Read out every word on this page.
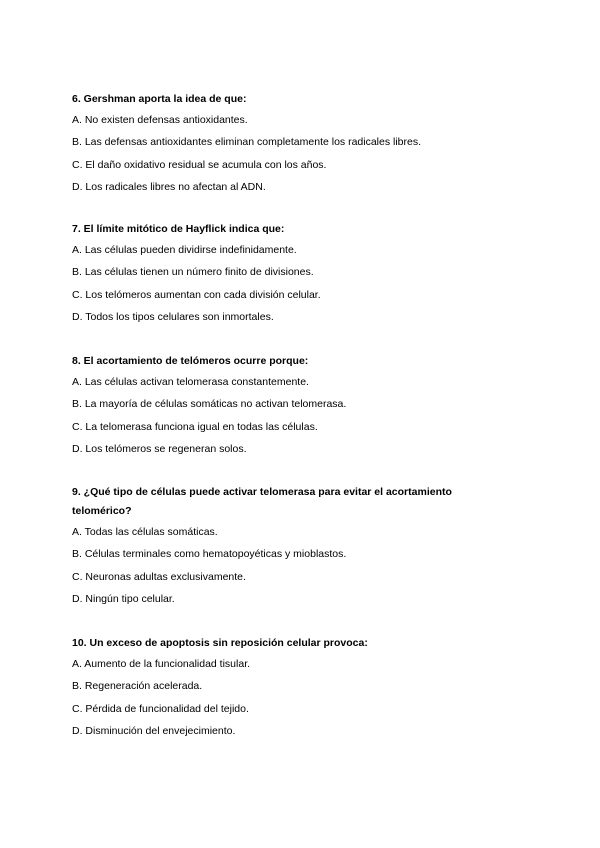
6. Gershman aporta la idea de que:

A. No existen defensas antioxidantes.

B. Las defensas antioxidantes eliminan completamente los radicales libres.

C. El daño oxidativo residual se acumula con los años.

D. Los radicales libres no afectan al ADN.

7. El límite mitótico de Hayflick indica que:

A. Las células pueden dividirse indefinidamente.

B. Las células tienen un número finito de divisiones.

C. Los telómeros aumentan con cada división celular.

D. Todos los tipos celulares son inmortales.

8. El acortamiento de telómeros ocurre porque:

A. Las células activan telomerasa constantemente.

B. La mayoría de células somáticas no activan telomerasa.

C. La telomerasa funciona igual en todas las células.

D. Los telómeros se regeneran solos.

9. ¿Qué tipo de células puede activar telomerasa para evitar el acortamiento

telomérico?

A. Todas las células somáticas.

B. Células terminales como hematopoyéticas y mioblastos.

C. Neuronas adultas exclusivamente.

D. Ningún tipo celular.

10. Un exceso de apoptosis sin reposición celular provoca:

A. Aumento de la funcionalidad tisular.

B. Regeneración acelerada.

C. Pérdida de funcionalidad del tejido.

D. Disminución del envejecimiento.
